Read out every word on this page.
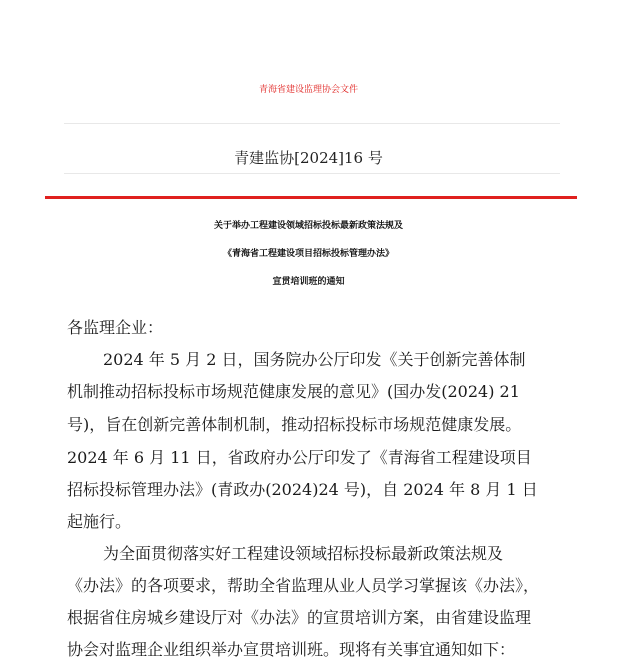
青海省建设监理协会文件
青建监协[2024]16 号
关于举办工程建设领域招标投标最新政策法规及
《青海省工程建设项目招标投标管理办法》
宣贯培训班的通知
各监理企业：
2024 年 5 月 2 日，国务院办公厅印发《关于创新完善体制
机制推动招标投标市场规范健康发展的意见》(国办发(2024) 21
号)，旨在创新完善体制机制，推动招标投标市场规范健康发展。
2024 年 6 月 11 日，省政府办公厅印发了《青海省工程建设项目
招标投标管理办法》(青政办(2024)24 号)，自 2024 年 8 月 1 日
起施行。
为全面贯彻落实好工程建设领域招标投标最新政策法规及
《办法》的各项要求，帮助全省监理从业人员学习掌握该《办法》，
根据省住房城乡建设厅对《办法》的宣贯培训方案，由省建设监理
协会对监理企业组织举办宣贯培训班。现将有关事宜通知如下：
